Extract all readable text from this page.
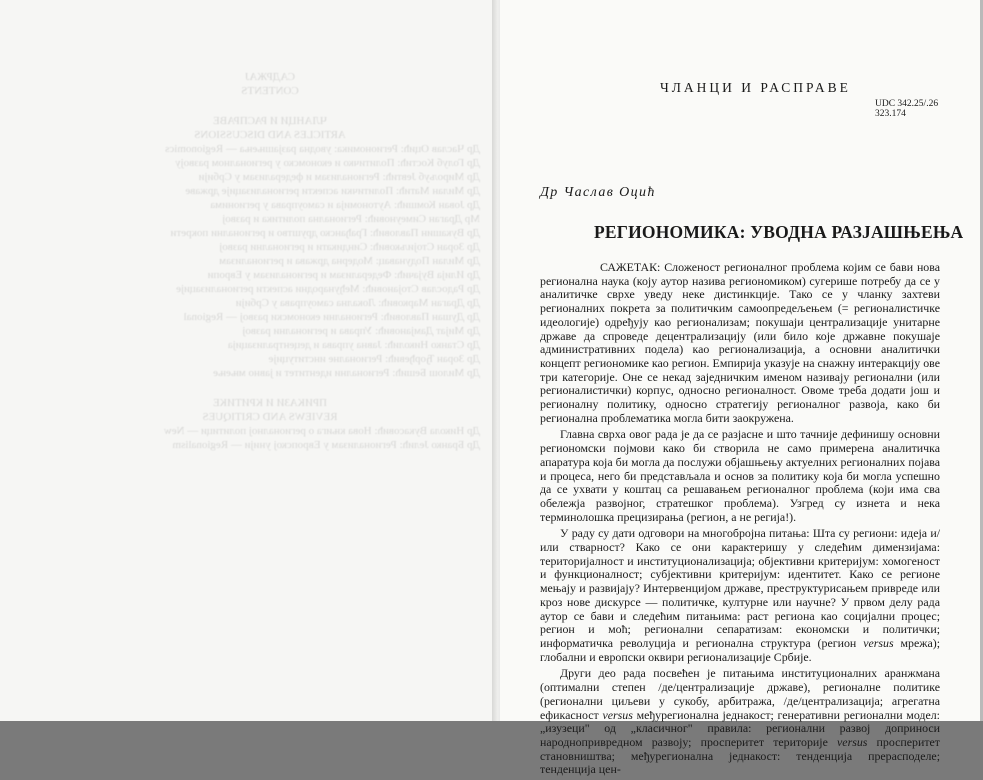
САДРЖАЈ
CONTENTS
ЧЛАНЦИ И РАСПРАВЕ
ARTICLES AND DISCUSSIONS
Др Часлав Оцић: Региономика: уводна разјашњења — Regionomics
Др Голуб Кoстић: Политичко и економско у регионалном развоју
Др Мирољуб Јевтић: Регионализам и федерализам у Србији
Др Милан Матић: Политички аспекти регионализације државе
Др Јован Комшић: Аутономија и самоуправа у регионима
Мр Драган Симеуновић: Регионална политика и развој
Др Вукашин Павловић: Грађанско друштво и регионални покрети
Др Зоран Стојиљковић: Синдикати и регионални развој
Др Милан Подунавац: Модерна држава и регионализам
Др Илија Вујачић: Федерализам и регионализам у Европи
Др Радослав Стојановић: Међународни аспекти регионализације
Др Драган Марковић: Локална самоуправа у Србији
Др Душан Павловић: Регионални економски развој — Regional
Др Мијат Дамјановић: Управа и регионални развој
Др Станко Николић: Јавна управа и децентрализација
Др Зоран Ђорђевић: Регионалне институције
Др Милош Бешић: Регионални идентитет и јавно мњење
ПРИКАЗИ И КРИТИКЕ
REVIEWS AND CRITIQUES
Др Никола Вукасовић: Нова књига о регионалној политици — New
Др Бранко Јелић: Регионализам у Европској унији — Regionalism
ЧЛАНЦИ И РАСПРАВЕ
UDC 342.25/.26
323.174
Др Часлав Оцић
РЕГИОНОМИКА: УВОДНА РАЗЈАШЊЕЊА

САЖЕТАК: Сложеност регионалног проблема којим се бави нова регионална наука (коју аутор назива региономиком) сугерише потребу да се у аналитичке сврхе уведу неке дистинкције. Тако се у чланку захтеви регионалних покрета за политичким самоопредељењем (= регионалистичке идеологије) одређују као регионализам; покушаји централизације унитарне државе да спроведе децентрализацију (или било које државне покушаје административних подела) као регионализација, а основни аналитички концепт региономике као регион. Емпирија указује на снажну интеракцију ове три категорије. Оне се некад заједничким именом називају регионални (или регионалистички) корпус, односно регионалност. Овоме треба додати још и регионалну политику, односно стратегију регионалног развоја, како би регионална проблематика могла бити заокружена.

Главна сврха овог рада је да се разјасне и што тачније дефинишу основни региономски појмови како би створила не само примерена аналитичка апаратура која би могла да послужи објашњењу актуелних регионалних појава и процеса, него би представљала и основ за политику која би могла успешно да се ухвати у коштац са решавањем регионалног проблема (који има сва обележја развојног, стратешког проблема). Узгред су изнета и нека терминолошка прецизирања (регион, а не регија!).

У раду су дати одговори на многобројна питања: Шта су региони: идеја и/или стварност? Како се они карактеришу у следећим димензијама: територијалност и институционализација; објективни критеријум: хомогеност и функционалност; субјективни критеријум: идентитет. Како се регионе мењају и развијају? Интервенцијом државе, преструктурисањем привреде или кроз нове дискурсе — политичке, културне или научне? У првом делу рада аутор се бави и следећим питањима: раст региона као социјални процес; регион и моћ; регионални сепаратизам: економски и политички; информатичка револуција и регионална структура (регион versus мрежа); глобални и европски оквири регионализације Србије.

Други део рада посвећен је питањима институционалних аранжмана (оптимални степен /де/централизације државе), регионалне политике (регионални циљеви у сукобу, арбитража, /де/централизација; агрегатна ефикасност versus међурегионална једнакост; генеративни регионални модел: „изузеци" од „класичног" правила: регионални развој доприноси народнопривредном развоју; просперитет територије versus просперитет становништва; међурегионална једнакост: тенденција прерасподеле; тенденција цен-
